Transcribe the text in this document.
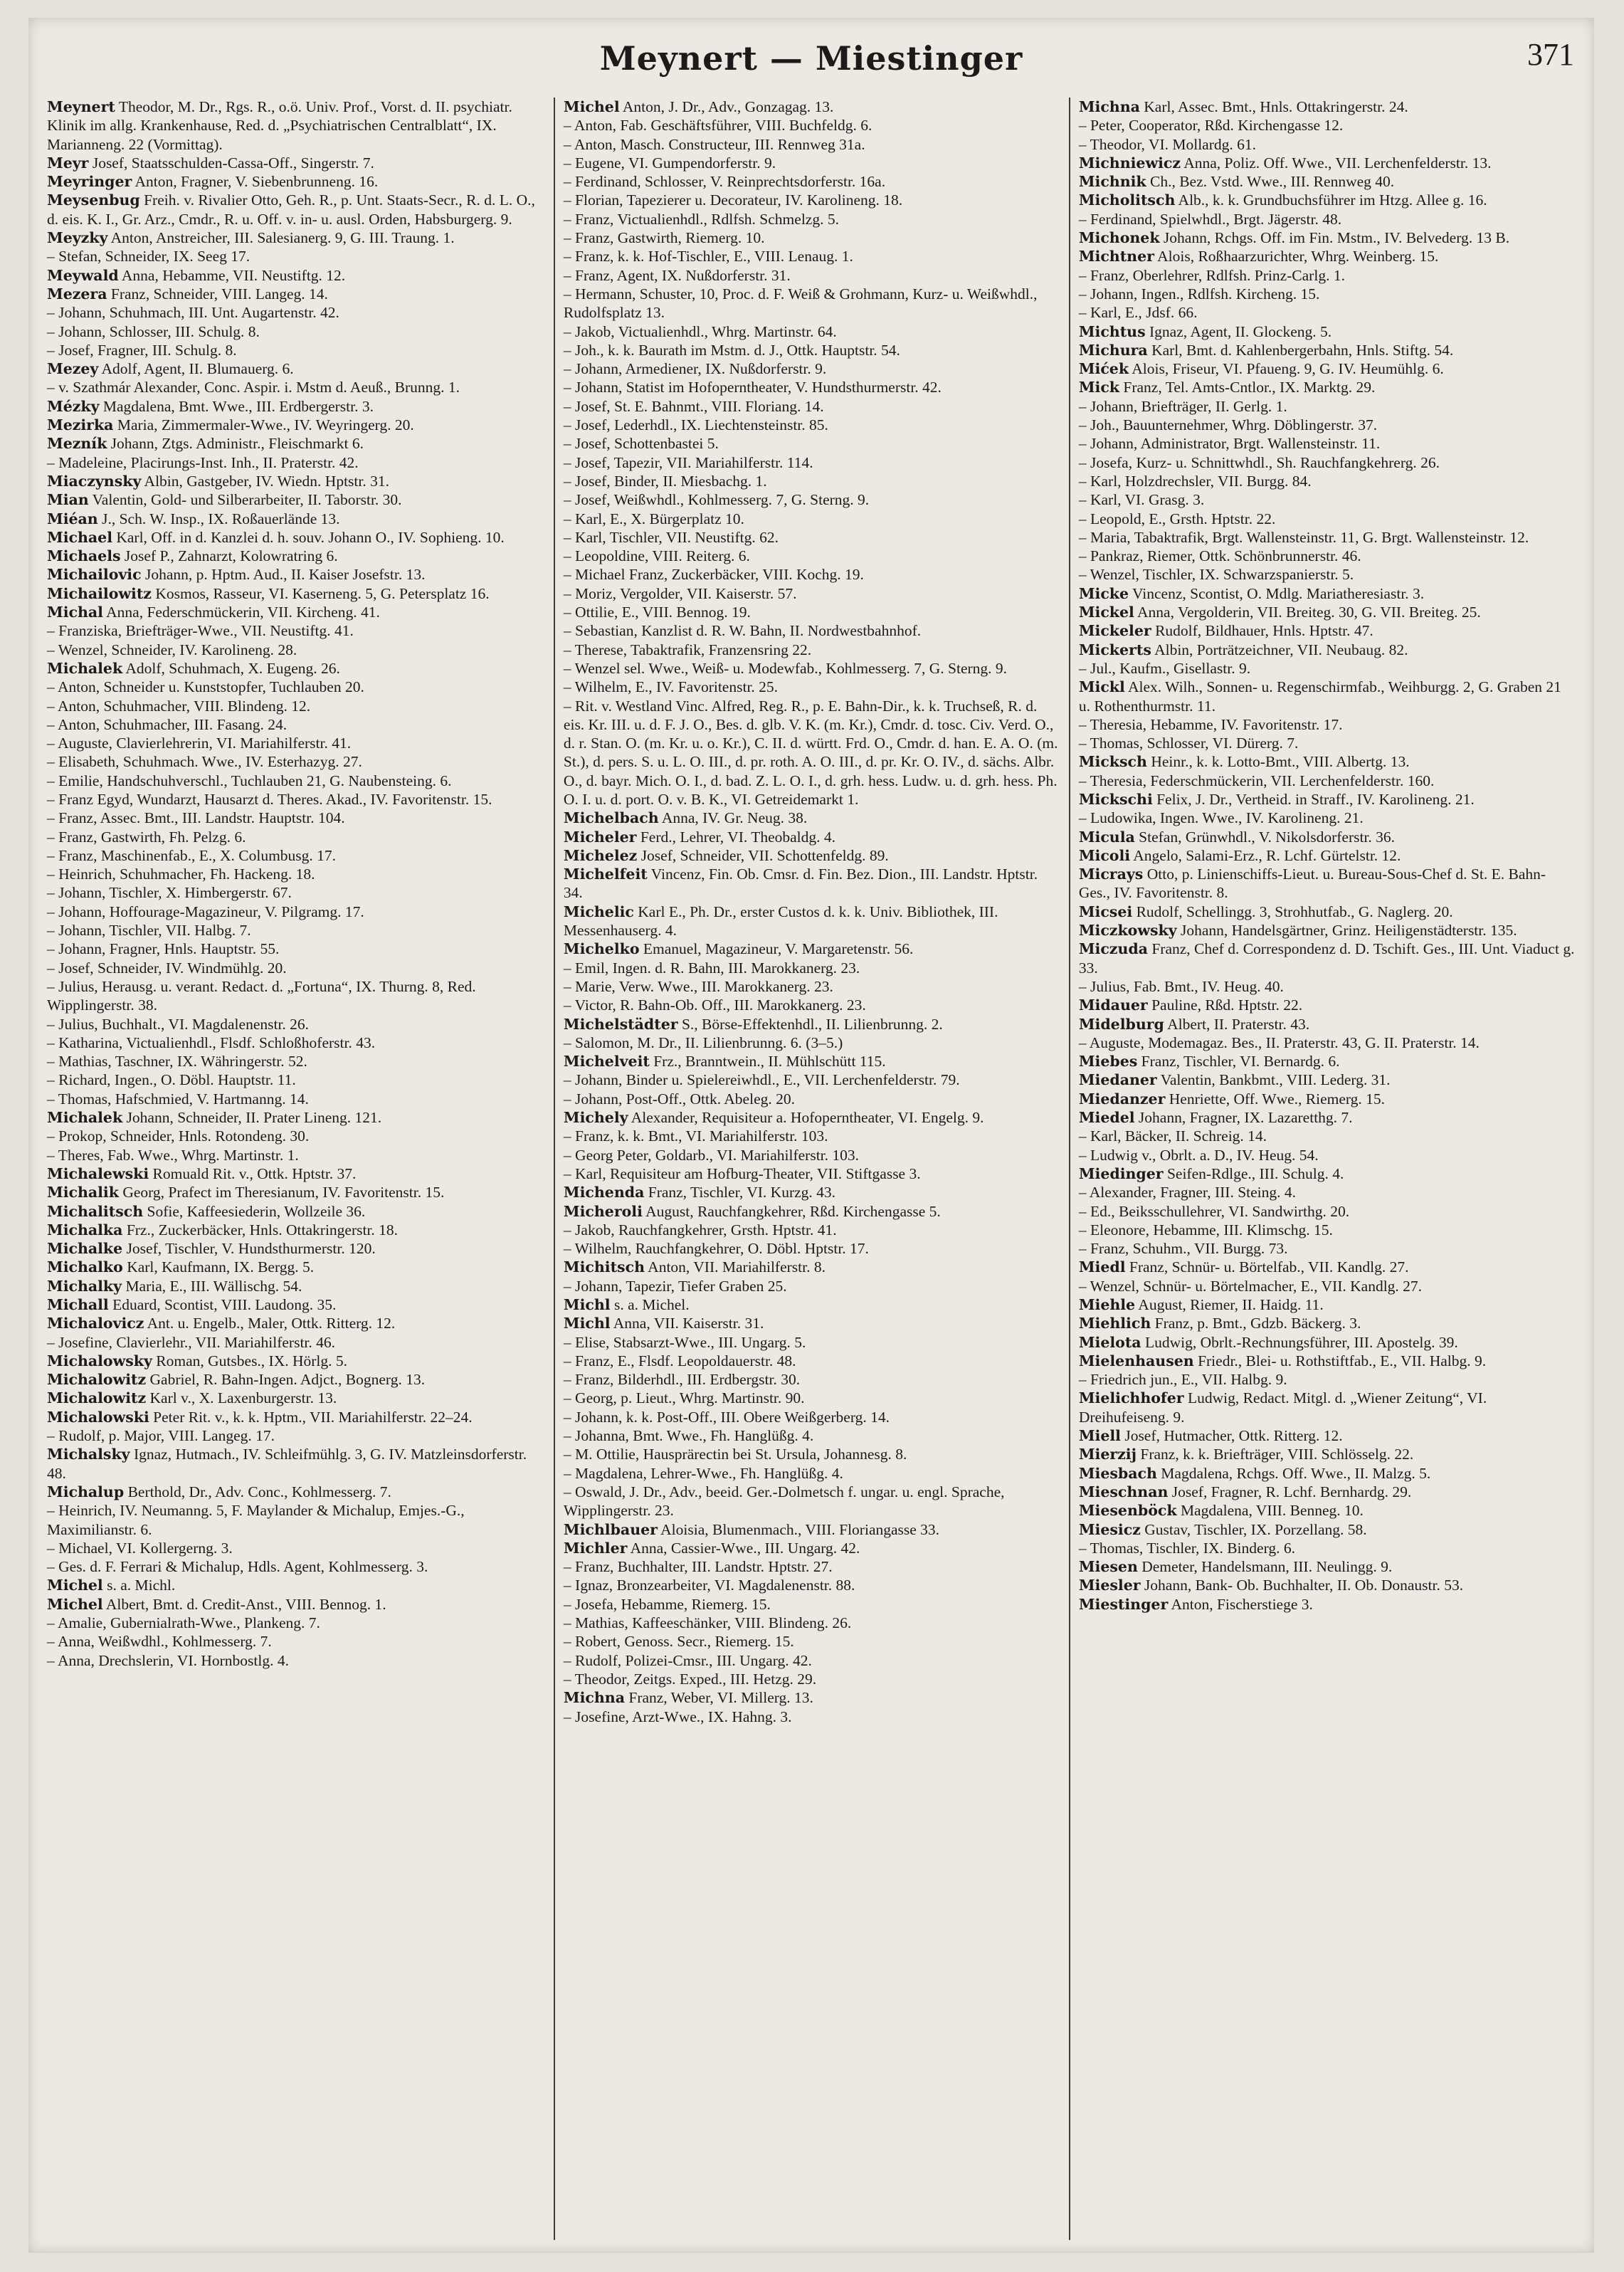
Meynert — Miestinger	371
Meynert Theodor, M. Dr., Rgs. R., o.ö. Univ. Prof., Vorst. d. II. psychiatr. Klinik im allg. Krankenhause, Red. d. „Psychiatrischen Centralblatt“, IX. Marianneng. 22 (Vormittag).
Meyr Josef, Staatsschulden-Cassa-Off., Singerstr. 7.
Meyringer Anton, Fragner, V. Siebenbrunneng. 16.
Meysenbug Freih. v. Rivalier Otto, Geh. R., p. Unt. Staats-Secr., R. d. L. O., d. eis. K. I., Gr. Arz., Cmdr., R. u. Off. v. in- u. ausl. Orden, Habsburgerg. 9.
Meyzky Anton, Anstreicher, III. Salesianerg. 9, G. III. Traung. 1.
– Stefan, Schneider, IX. Seeg 17.
Meywald Anna, Hebamme, VII. Neustiftg. 12.
Mezera Franz, Schneider, VIII. Langeg. 14.
– Johann, Schuhmach, III. Unt. Augartenstr. 42.
– Johann, Schlosser, III. Schulg. 8.
– Josef, Fragner, III. Schulg. 8.
Mezey Adolf, Agent, II. Blumauerg. 6.
– v. Szathmár Alexander, Conc. Aspir. i. Mstm d. Aeuß., Brunng. 1.
Mézky Magdalena, Bmt. Wwe., III. Erdbergerstr. 3.
Mezirka Maria, Zimmermaler-Wwe., IV. Weyringerg. 20.
Mezník Johann, Ztgs. Administr., Fleischmarkt 6.
– Madeleine, Placirungs-Inst. Inh., II. Praterstr. 42.
Miaczynsky Albin, Gastgeber, IV. Wiedn. Hptstr. 31.
Mian Valentin, Gold- und Silberarbeiter, II. Taborstr. 30.
Miéan J., Sch. W. Insp., IX. Roßauerlände 13.
Michael Karl, Off. in d. Kanzlei d. h. souv. Johann O., IV. Sophieng. 10.
Michaels Josef P., Zahnarzt, Kolowratring 6.
Michailovic Johann, p. Hptm. Aud., II. Kaiser Josefstr. 13.
Michailowitz Kosmos, Rasseur, VI. Kaserneng. 5, G. Petersplatz 16.
Michal Anna, Federschmückerin, VII. Kircheng. 41.
– Franziska, Briefträger-Wwe., VII. Neustiftg. 41.
– Wenzel, Schneider, IV. Karolineng. 28.
Michalek Adolf, Schuhmach, X. Eugeng. 26.
– Anton, Schneider u. Kunststopfer, Tuchlauben 20.
– Anton, Schuhmacher, VIII. Blindeng. 12.
– Anton, Schuhmacher, III. Fasang. 24.
– Auguste, Clavierlehrerin, VI. Mariahilferstr. 41.
– Elisabeth, Schuhmach. Wwe., IV. Esterhazyg. 27.
– Emilie, Handschuhverschl., Tuchlauben 21, G. Naubensteing. 6.
– Franz Egyd, Wundarzt, Hausarzt d. Theres. Akad., IV. Favoritenstr. 15.
– Franz, Assec. Bmt., III. Landstr. Hauptstr. 104.
– Franz, Gastwirth, Fh. Pelzg. 6.
– Franz, Maschinenfab., E., X. Columbusg. 17.
– Heinrich, Schuhmacher, Fh. Hackeng. 18.
– Johann, Tischler, X. Himbergerstr. 67.
– Johann, Hoffourage-Magazineur, V. Pilgramg. 17.
– Johann, Tischler, VII. Halbg. 7.
– Johann, Fragner, Hnls. Hauptstr. 55.
– Josef, Schneider, IV. Windmühlg. 20.
– Julius, Herausg. u. verant. Redact. d. „Fortuna“, IX. Thurng. 8, Red. Wipplingerstr. 38.
– Julius, Buchhalt., VI. Magdalenenstr. 26.
– Katharina, Victualienhdl., Flsdf. Schloßhoferstr. 43.
– Mathias, Taschner, IX. Währingerstr. 52.
– Richard, Ingen., O. Döbl. Hauptstr. 11.
– Thomas, Hafschmied, V. Hartmanng. 14.
Michalek Johann, Schneider, II. Prater Lineng. 121.
– Prokop, Schneider, Hnls. Rotondeng. 30.
– Theres, Fab. Wwe., Whrg. Martinstr. 1.
Michalewski Romuald Rit. v., Ottk. Hptstr. 37.
Michalik Georg, Prafect im Theresianum, IV. Favoritenstr. 15.
Michalitsch Sofie, Kaffeesiederin, Wollzeile 36.
Michalka Frz., Zuckerbäcker, Hnls. Ottakringerstr. 18.
Michalke Josef, Tischler, V. Hundsthurmerstr. 120.
Michalko Karl, Kaufmann, IX. Bergg. 5.
Michalky Maria, E., III. Wällischg. 54.
Michall Eduard, Scontist, VIII. Laudong. 35.
Michalovicz Ant. u. Engelb., Maler, Ottk. Ritterg. 12.
– Josefine, Clavierlehr., VII. Mariahilferstr. 46.
Michalowsky Roman, Gutsbes., IX. Hörlg. 5.
Michalowitz Gabriel, R. Bahn-Ingen. Adjct., Bognerg. 13.
Michalowitz Karl v., X. Laxenburgerstr. 13.
Michalowski Peter Rit. v., k. k. Hptm., VII. Mariahilferstr. 22–24.
– Rudolf, p. Major, VIII. Langeg. 17.
Michalsky Ignaz, Hutmach., IV. Schleifmühlg. 3, G. IV. Matzleinsdorferstr. 48.
Michalup Berthold, Dr., Adv. Conc., Kohlmesserg. 7.
– Heinrich, IV. Neumanng. 5, F. Maylander & Michalup, Emjes.-G., Maximilianstr. 6.
– Michael, VI. Kollergerng. 3.
– Ges. d. F. Ferrari & Michalup, Hdls. Agent, Kohlmesserg. 3.
Michel s. a. Michl.
Michel Albert, Bmt. d. Credit-Anst., VIII. Bennog. 1.
– Amalie, Gubernialrath-Wwe., Plankeng. 7.
– Anna, Weißwdhl., Kohlmesserg. 7.
– Anna, Drechslerin, VI. Hornbostlg. 4.
Michel Anton, J. Dr., Adv., Gonzagag. 13.
– Anton, Fab. Geschäftsführer, VIII. Buchfeldg. 6.
– Anton, Masch. Constructeur, III. Rennweg 31a.
– Eugene, VI. Gumpendorferstr. 9.
– Ferdinand, Schlosser, V. Reinprechtsdorferstr. 16a.
– Florian, Tapezierer u. Decorateur, IV. Karolineng. 18.
– Franz, Victualienhdl., Rdlfsh. Schmelzg. 5.
– Franz, Gastwirth, Riemerg. 10.
– Franz, k. k. Hof-Tischler, E., VIII. Lenaug. 1.
– Franz, Agent, IX. Nußdorferstr. 31.
– Hermann, Schuster, 10, Proc. d. F. Weiß & Grohmann, Kurz- u. Weißwhdl., Rudolfsplatz 13.
– Jakob, Victualienhdl., Whrg. Martinstr. 64.
– Joh., k. k. Baurath im Mstm. d. J., Ottk. Hauptstr. 54.
– Johann, Armediener, IX. Nußdorferstr. 9.
– Johann, Statist im Hofoperntheater, V. Hundsthurmerstr. 42.
– Josef, St. E. Bahnmt., VIII. Floriang. 14.
– Josef, Lederhdl., IX. Liechtensteinstr. 85.
– Josef, Schottenbastei 5.
– Josef, Tapezir, VII. Mariahilferstr. 114.
– Josef, Binder, II. Miesbachg. 1.
– Josef, Weißwhdl., Kohlmesserg. 7, G. Sterng. 9.
– Karl, E., X. Bürgerplatz 10.
– Karl, Tischler, VII. Neustiftg. 62.
– Leopoldine, VIII. Reiterg. 6.
– Michael Franz, Zuckerbäcker, VIII. Kochg. 19.
– Moriz, Vergolder, VII. Kaiserstr. 57.
– Ottilie, E., VIII. Bennog. 19.
– Sebastian, Kanzlist d. R. W. Bahn, II. Nordwestbahnhof.
– Therese, Tabaktrafik, Franzensring 22.
– Wenzel sel. Wwe., Weiß- u. Modewfab., Kohlmesserg. 7, G. Sterng. 9.
– Wilhelm, E., IV. Favoritenstr. 25.
– Rit. v. Westland Vinc. Alfred, Reg. R., p. E. Bahn-Dir., k. k. Truchseß, R. d. eis. Kr. III. u. d. F. J. O., Bes. d. glb. V. K. (m. Kr.), Cmdr. d. tosc. Civ. Verd. O., d. r. Stan. O. (m. Kr. u. o. Kr.), C. II. d. württ. Frd. O., Cmdr. d. han. E. A. O. (m. St.), d. pers. S. u. L. O. III., d. pr. roth. A. O. III., d. pr. Kr. O. IV., d. sächs. Albr. O., d. bayr. Mich. O. I., d. bad. Z. L. O. I., d. grh. hess. Ludw. u. d. grh. hess. Ph. O. I. u. d. port. O. v. B. K., VI. Getreidemarkt 1.
Michelbach Anna, IV. Gr. Neug. 38.
Micheler Ferd., Lehrer, VI. Theobaldg. 4.
Michelez Josef, Schneider, VII. Schottenfeldg. 89.
Michelfeit Vincenz, Fin. Ob. Cmsr. d. Fin. Bez. Dion., III. Landstr. Hptstr. 34.
Michelic Karl E., Ph. Dr., erster Custos d. k. k. Univ. Bibliothek, III. Messenhauserg. 4.
Michelko Emanuel, Magazineur, V. Margaretenstr. 56.
– Emil, Ingen. d. R. Bahn, III. Marokkanerg. 23.
– Marie, Verw. Wwe., III. Marokkanerg. 23.
– Victor, R. Bahn-Ob. Off., III. Marokkanerg. 23.
Michelstädter S., Börse-Effektenhdl., II. Lilienbrunng. 2.
– Salomon, M. Dr., II. Lilienbrunng. 6. (3–5.)
Michelveit Frz., Branntwein., II. Mühlschütt 115.
– Johann, Binder u. Spielereiwhdl., E., VII. Lerchenfelderstr. 79.
– Johann, Post-Off., Ottk. Abeleg. 20.
Michely Alexander, Requisiteur a. Hofoperntheater, VI. Engelg. 9.
– Franz, k. k. Bmt., VI. Mariahilferstr. 103.
– Georg Peter, Goldarb., VI. Mariahilferstr. 103.
– Karl, Requisiteur am Hofburg-Theater, VII. Stiftgasse 3.
Michenda Franz, Tischler, VI. Kurzg. 43.
Micheroli August, Rauchfangkehrer, Rßd. Kirchengasse 5.
– Jakob, Rauchfangkehrer, Grsth. Hptstr. 41.
– Wilhelm, Rauchfangkehrer, O. Döbl. Hptstr. 17.
Michitsch Anton, VII. Mariahilferstr. 8.
– Johann, Tapezir, Tiefer Graben 25.
Michl s. a. Michel.
Michl Anna, VII. Kaiserstr. 31.
– Elise, Stabsarzt-Wwe., III. Ungarg. 5.
– Franz, E., Flsdf. Leopoldauerstr. 48.
– Franz, Bilderhdl., III. Erdbergstr. 30.
– Georg, p. Lieut., Whrg. Martinstr. 90.
– Johann, k. k. Post-Off., III. Obere Weißgerberg. 14.
– Johanna, Bmt. Wwe., Fh. Hanglüßg. 4.
– M. Ottilie, Hausprärectin bei St. Ursula, Johannesg. 8.
– Magdalena, Lehrer-Wwe., Fh. Hanglüßg. 4.
– Oswald, J. Dr., Adv., beeid. Ger.-Dolmetsch f. ungar. u. engl. Sprache, Wipplingerstr. 23.
Michlbauer Aloisia, Blumenmach., VIII. Floriangasse 33.
Michler Anna, Cassier-Wwe., III. Ungarg. 42.
– Franz, Buchhalter, III. Landstr. Hptstr. 27.
– Ignaz, Bronzearbeiter, VI. Magdalenenstr. 88.
– Josefa, Hebamme, Riemerg. 15.
– Mathias, Kaffeeschänker, VIII. Blindeng. 26.
– Robert, Genoss. Secr., Riemerg. 15.
– Rudolf, Polizei-Cmsr., III. Ungarg. 42.
– Theodor, Zeitgs. Exped., III. Hetzg. 29.
Michna Franz, Weber, VI. Millerg. 13.
– Josefine, Arzt-Wwe., IX. Hahng. 3.
Michna Karl, Assec. Bmt., Hnls. Ottakringerstr. 24.
– Peter, Cooperator, Rßd. Kirchengasse 12.
– Theodor, VI. Mollardg. 61.
Michniewicz Anna, Poliz. Off. Wwe., VII. Lerchenfelderstr. 13.
Michnik Ch., Bez. Vstd. Wwe., III. Rennweg 40.
Micholitsch Alb., k. k. Grundbuchsführer im Htzg. Allee g. 16.
– Ferdinand, Spielwhdl., Brgt. Jägerstr. 48.
Michonek Johann, Rchgs. Off. im Fin. Mstm., IV. Belvederg. 13 B.
Michtner Alois, Roßhaarzurichter, Whrg. Weinberg. 15.
– Franz, Oberlehrer, Rdlfsh. Prinz-Carlg. 1.
– Johann, Ingen., Rdlfsh. Kircheng. 15.
– Karl, E., Jdsf. 66.
Michtus Ignaz, Agent, II. Glockeng. 5.
Michura Karl, Bmt. d. Kahlenbergerbahn, Hnls. Stiftg. 54.
Mićek Alois, Friseur, VI. Pfaueng. 9, G. IV. Heumühlg. 6.
Mick Franz, Tel. Amts-Cntlor., IX. Marktg. 29.
– Johann, Briefträger, II. Gerlg. 1.
– Joh., Bauunternehmer, Whrg. Döblingerstr. 37.
– Johann, Administrator, Brgt. Wallensteinstr. 11.
– Josefa, Kurz- u. Schnittwhdl., Sh. Rauchfangkehrerg. 26.
– Karl, Holzdrechsler, VII. Burgg. 84.
– Karl, VI. Grasg. 3.
– Leopold, E., Grsth. Hptstr. 22.
– Maria, Tabaktrafik, Brgt. Wallensteinstr. 11, G. Brgt. Wallensteinstr. 12.
– Pankraz, Riemer, Ottk. Schönbrunnerstr. 46.
– Wenzel, Tischler, IX. Schwarzspanierstr. 5.
Micke Vincenz, Scontist, O. Mdlg. Mariatheresiastr. 3.
Mickel Anna, Vergolderin, VII. Breiteg. 30, G. VII. Breiteg. 25.
Mickeler Rudolf, Bildhauer, Hnls. Hptstr. 47.
Mickerts Albin, Porträtzeichner, VII. Neubaug. 82.
– Jul., Kaufm., Gisellastr. 9.
Mickl Alex. Wilh., Sonnen- u. Regenschirmfab., Weihburgg. 2, G. Graben 21 u. Rothenthurmstr. 11.
– Theresia, Hebamme, IV. Favoritenstr. 17.
– Thomas, Schlosser, VI. Dürerg. 7.
Micksch Heinr., k. k. Lotto-Bmt., VIII. Albertg. 13.
– Theresia, Federschmückerin, VII. Lerchenfelderstr. 160.
Mickschi Felix, J. Dr., Vertheid. in Straff., IV. Karolineng. 21.
– Ludowika, Ingen. Wwe., IV. Karolineng. 21.
Micula Stefan, Grünwhdl., V. Nikolsdorferstr. 36.
Micoli Angelo, Salami-Erz., R. Lchf. Gürtelstr. 12.
Micrays Otto, p. Linienschiffs-Lieut. u. Bureau-Sous-Chef d. St. E. Bahn-Ges., IV. Favoritenstr. 8.
Micsei Rudolf, Schellingg. 3, Strohhutfab., G. Naglerg. 20.
Miczkowsky Johann, Handelsgärtner, Grinz. Heiligenstädterstr. 135.
Miczuda Franz, Chef d. Correspondenz d. D. Tschift. Ges., III. Unt. Viaduct g. 33.
– Julius, Fab. Bmt., IV. Heug. 40.
Midauer Pauline, Rßd. Hptstr. 22.
Midelburg Albert, II. Praterstr. 43.
– Auguste, Modemagaz. Bes., II. Praterstr. 43, G. II. Praterstr. 14.
Miebes Franz, Tischler, VI. Bernardg. 6.
Miedaner Valentin, Bankbmt., VIII. Lederg. 31.
Miedanzer Henriette, Off. Wwe., Riemerg. 15.
Miedel Johann, Fragner, IX. Lazaretthg. 7.
– Karl, Bäcker, II. Schreig. 14.
– Ludwig v., Obrlt. a. D., IV. Heug. 54.
Miedinger Seifen-Rdlge., III. Schulg. 4.
– Alexander, Fragner, III. Steing. 4.
– Ed., Beiksschullehrer, VI. Sandwirthg. 20.
– Eleonore, Hebamme, III. Klimschg. 15.
– Franz, Schuhm., VII. Burgg. 73.
Miedl Franz, Schnür- u. Börtelfab., VII. Kandlg. 27.
– Wenzel, Schnür- u. Börtelmacher, E., VII. Kandlg. 27.
Miehle August, Riemer, II. Haidg. 11.
Miehlich Franz, p. Bmt., Gdzb. Bäckerg. 3.
Mielota Ludwig, Obrlt.-Rechnungsführer, III. Apostelg. 39.
Mielenhausen Friedr., Blei- u. Rothstiftfab., E., VII. Halbg. 9.
– Friedrich jun., E., VII. Halbg. 9.
Mielichhofer Ludwig, Redact. Mitgl. d. „Wiener Zeitung“, VI. Dreihufeiseng. 9.
Miell Josef, Hutmacher, Ottk. Ritterg. 12.
Mierzij Franz, k. k. Briefträger, VIII. Schlösselg. 22.
Miesbach Magdalena, Rchgs. Off. Wwe., II. Malzg. 5.
Mieschnan Josef, Fragner, R. Lchf. Bernhardg. 29.
Miesenböck Magdalena, VIII. Benneg. 10.
Miesicz Gustav, Tischler, IX. Porzellang. 58.
– Thomas, Tischler, IX. Binderg. 6.
Miesen Demeter, Handelsmann, III. Neulingg. 9.
Miesler Johann, Bank- Ob. Buchhalter, II. Ob. Donaustr. 53.
Miestinger Anton, Fischerstiege 3.
